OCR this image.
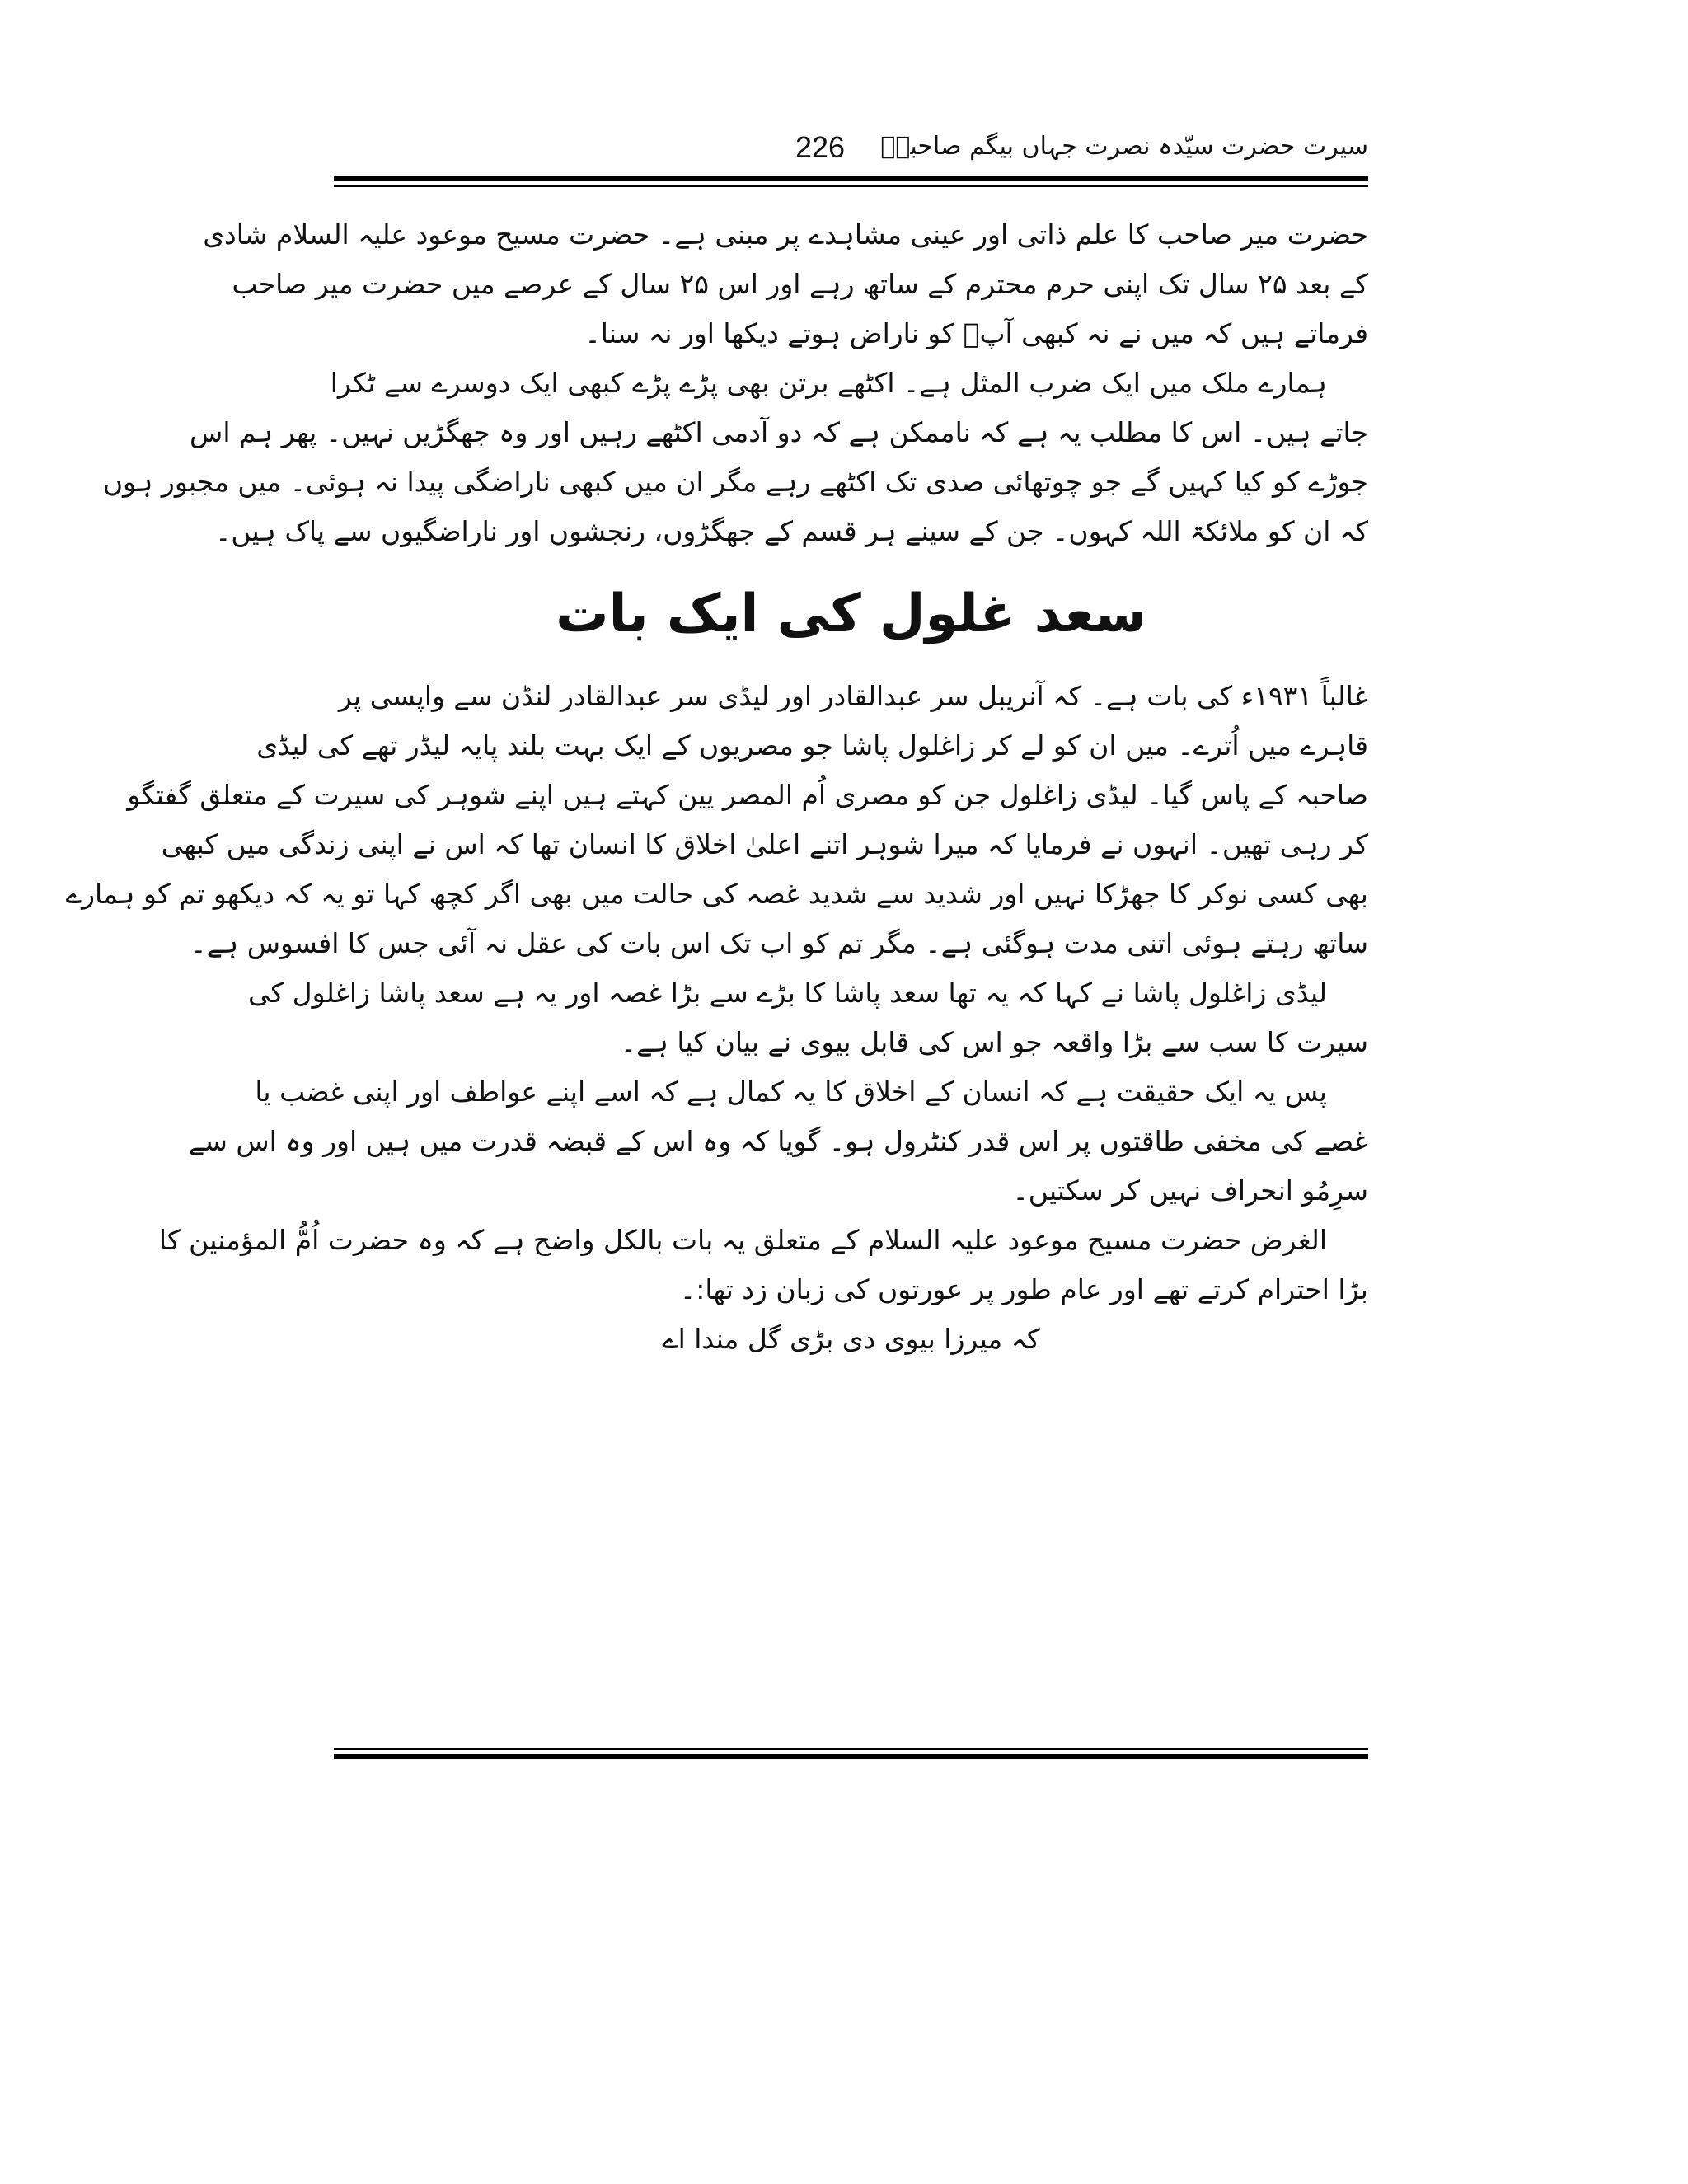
سیرت حضرت سیّدہ نصرت جہاں بیگم صاحبہؓ
226
حضرت میر صاحب کا علم ذاتی اور عینی مشاہدے پر مبنی ہے۔ حضرت مسیح موعود علیہ السلام شادی
کے بعد ۲۵ سال تک اپنی حرم محترم کے ساتھ رہے اور اس ۲۵ سال کے عرصے میں حضرت میر صاحب
فرماتے ہیں کہ میں نے نہ کبھی آپؑ کو ناراض ہوتے دیکھا اور نہ سنا۔
ہمارے ملک میں ایک ضرب المثل ہے۔ اکٹھے برتن بھی پڑے پڑے کبھی ایک دوسرے سے ٹکرا
جاتے ہیں۔ اس کا مطلب یہ ہے کہ ناممکن ہے کہ دو آدمی اکٹھے رہیں اور وہ جھگڑیں نہیں۔ پھر ہم اس
جوڑے کو کیا کہیں گے جو چوتھائی صدی تک اکٹھے رہے مگر ان میں کبھی ناراضگی پیدا نہ ہوئی۔ میں مجبور ہوں
کہ ان کو ملائکۃ اللہ کہوں۔ جن کے سینے ہر قسم کے جھگڑوں، رنجشوں اور ناراضگیوں سے پاک ہیں۔
سعد غلول کی ایک بات
غالباً ۱۹۳۱ء کی بات ہے۔ کہ آنریبل سر عبدالقادر اور لیڈی سر عبدالقادر لنڈن سے واپسی پر
قاہرے میں اُترے۔ میں ان کو لے کر زاغلول پاشا جو مصریوں کے ایک بہت بلند پایہ لیڈر تھے کی لیڈی
صاحبہ کے پاس گیا۔ لیڈی زاغلول جن کو مصری اُم المصر یین کہتے ہیں اپنے شوہر کی سیرت کے متعلق گفتگو
کر رہی تھیں۔ انہوں نے فرمایا کہ میرا شوہر اتنے اعلیٰ اخلاق کا انسان تھا کہ اس نے اپنی زندگی میں کبھی
بھی کسی نوکر کا جھڑکا نہیں اور شدید سے شدید غصہ کی حالت میں بھی اگر کچھ کہا تو یہ کہ دیکھو تم کو ہمارے
ساتھ رہتے ہوئی اتنی مدت ہوگئی ہے۔ مگر تم کو اب تک اس بات کی عقل نہ آئی جس کا افسوس ہے۔
لیڈی زاغلول پاشا نے کہا کہ یہ تھا سعد پاشا کا بڑے سے بڑا غصہ اور یہ ہے سعد پاشا زاغلول کی
سیرت کا سب سے بڑا واقعہ جو اس کی قابل بیوی نے بیان کیا ہے۔
پس یہ ایک حقیقت ہے کہ انسان کے اخلاق کا یہ کمال ہے کہ اسے اپنے عواطف اور اپنی غضب یا
غصے کی مخفی طاقتوں پر اس قدر کنٹرول ہو۔ گویا کہ وہ اس کے قبضہ قدرت میں ہیں اور وہ اس سے
سرِمُو انحراف نہیں کر سکتیں۔
الغرض حضرت مسیح موعود علیہ السلام کے متعلق یہ بات بالکل واضح ہے کہ وہ حضرت اُمُّ المؤمنین کا
بڑا احترام کرتے تھے اور عام طور پر عورتوں کی زبان زد تھا:۔
کہ میرزا بیوی دی بڑی گل مندا اے
